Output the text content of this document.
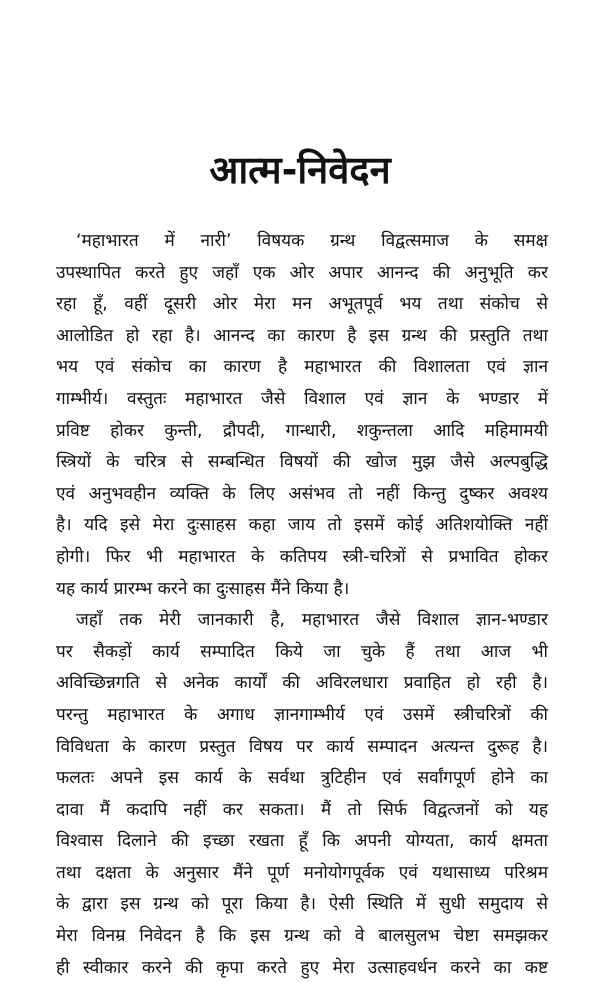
आत्म-निवेदन
‘महाभारत में नारी’ विषयक ग्रन्थ विद्वत्समाज के समक्ष
उपस्थापित करते हुए जहाँ एक ओर अपार आनन्द की अनुभूति कर
रहा हूँ, वहीं दूसरी ओर मेरा मन अभूतपूर्व भय तथा संकोच से
आलोडित हो रहा है। आनन्द का कारण है इस ग्रन्थ की प्रस्तुति तथा
भय एवं संकोच का कारण है महाभारत की विशालता एवं ज्ञान
गाम्भीर्य। वस्तुतः महाभारत जैसे विशाल एवं ज्ञान के भण्डार में
प्रविष्ट होकर कुन्ती, द्रौपदी, गान्धारी, शकुन्तला आदि महिमामयी
स्त्रियों के चरित्र से सम्बन्धित विषयों की खोज मुझ जैसे अल्पबुद्धि
एवं अनुभवहीन व्यक्ति के लिए असंभव तो नहीं किन्तु दुष्कर अवश्य
है। यदि इसे मेरा दुःसाहस कहा जाय तो इसमें कोई अतिशयोक्ति नहीं
होगी। फिर भी महाभारत के कतिपय स्त्री-चरित्रों से प्रभावित होकर
यह कार्य प्रारम्भ करने का दुःसाहस मैंने किया है।
जहाँ तक मेरी जानकारी है, महाभारत जैसे विशाल ज्ञान-भण्डार
पर सैकड़ों कार्य सम्पादित किये जा चुके हैं तथा आज भी
अविच्छिन्नगति से अनेक कार्यों की अविरलधारा प्रवाहित हो रही है।
परन्तु महाभारत के अगाध ज्ञानगाम्भीर्य एवं उसमें स्त्रीचरित्रों की
विविधता के कारण प्रस्तुत विषय पर कार्य सम्पादन अत्यन्त दुरूह है।
फलतः अपने इस कार्य के सर्वथा त्रुटिहीन एवं सर्वांगपूर्ण होने का
दावा मैं कदापि नहीं कर सकता। मैं तो सिर्फ विद्वत्जनों को यह
विश्वास दिलाने की इच्छा रखता हूँ कि अपनी योग्यता, कार्य क्षमता
तथा दक्षता के अनुसार मैंने पूर्ण मनोयोगपूर्वक एवं यथासाध्य परिश्रम
के द्वारा इस ग्रन्थ को पूरा किया है। ऐसी स्थिति में सुधी समुदाय से
मेरा विनम्र निवेदन है कि इस ग्रन्थ को वे बालसुलभ चेष्टा समझकर
ही स्वीकार करने की कृपा करते हुए मेरा उत्साहवर्धन करने का कष्ट
